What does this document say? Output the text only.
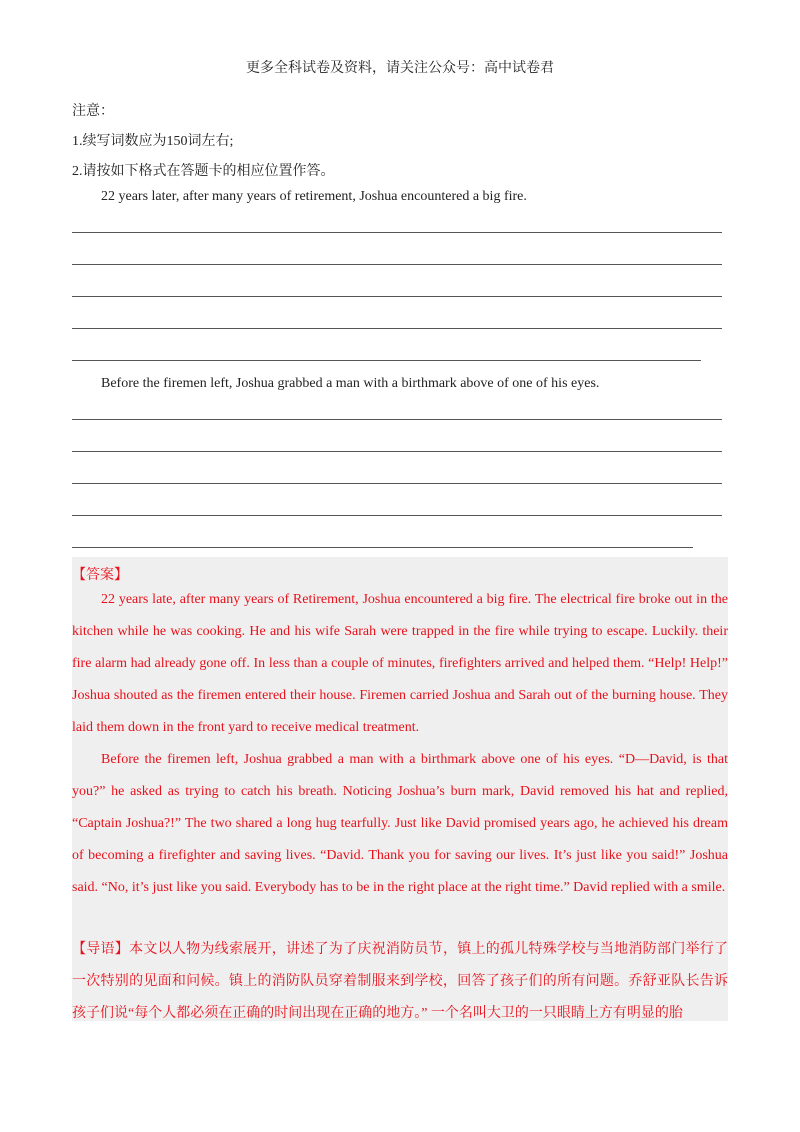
更多全科试卷及资料，请关注公众号：高中试卷君
注意：
1.续写词数应为150词左右;
2.请按如下格式在答题卡的相应位置作答。
22 years later, after many years of retirement, Joshua encountered a big fire.
Before the firemen left, Joshua grabbed a man with a birthmark above of one of his eyes.
【答案】

22 years late, after many years of Retirement, Joshua encountered a big fire. The electrical fire broke out in the kitchen while he was cooking. He and his wife Sarah were trapped in the fire while trying to escape. Luckily. their fire alarm had already gone off. In less than a couple of minutes, firefighters arrived and helped them. “Help! Help!” Joshua shouted as the firemen entered their house. Firemen carried Joshua and Sarah out of the burning house. They laid them down in the front yard to receive medical treatment.

Before the firemen left, Joshua grabbed a man with a birthmark above one of his eyes. “D—David, is that you?” he asked as trying to catch his breath. Noticing Joshua’s burn mark, David removed his hat and replied, “Captain Joshua?!” The two shared a long hug tearfully. Just like David promised years ago, he achieved his dream of becoming a firefighter and saving lives. “David. Thank you for saving our lives. It’s just like you said!” Joshua said. “No, it’s just like you said. Everybody has to be in the right place at the right time.” David replied with a smile.

【导语】本文以人物为线索展开，讲述了为了庆祝消防员节，镇上的孤儿特殊学校与当地消防部门举行了一次特别的见面和问候。镇上的消防队员穿着制服来到学校，回答了孩子们的所有问题。乔舒亚队长告诉孩子们说“每个人都必须在正确的时间出现在正确的地方。” 一个名叫大卫的一只眼睛上方有明显的胎
